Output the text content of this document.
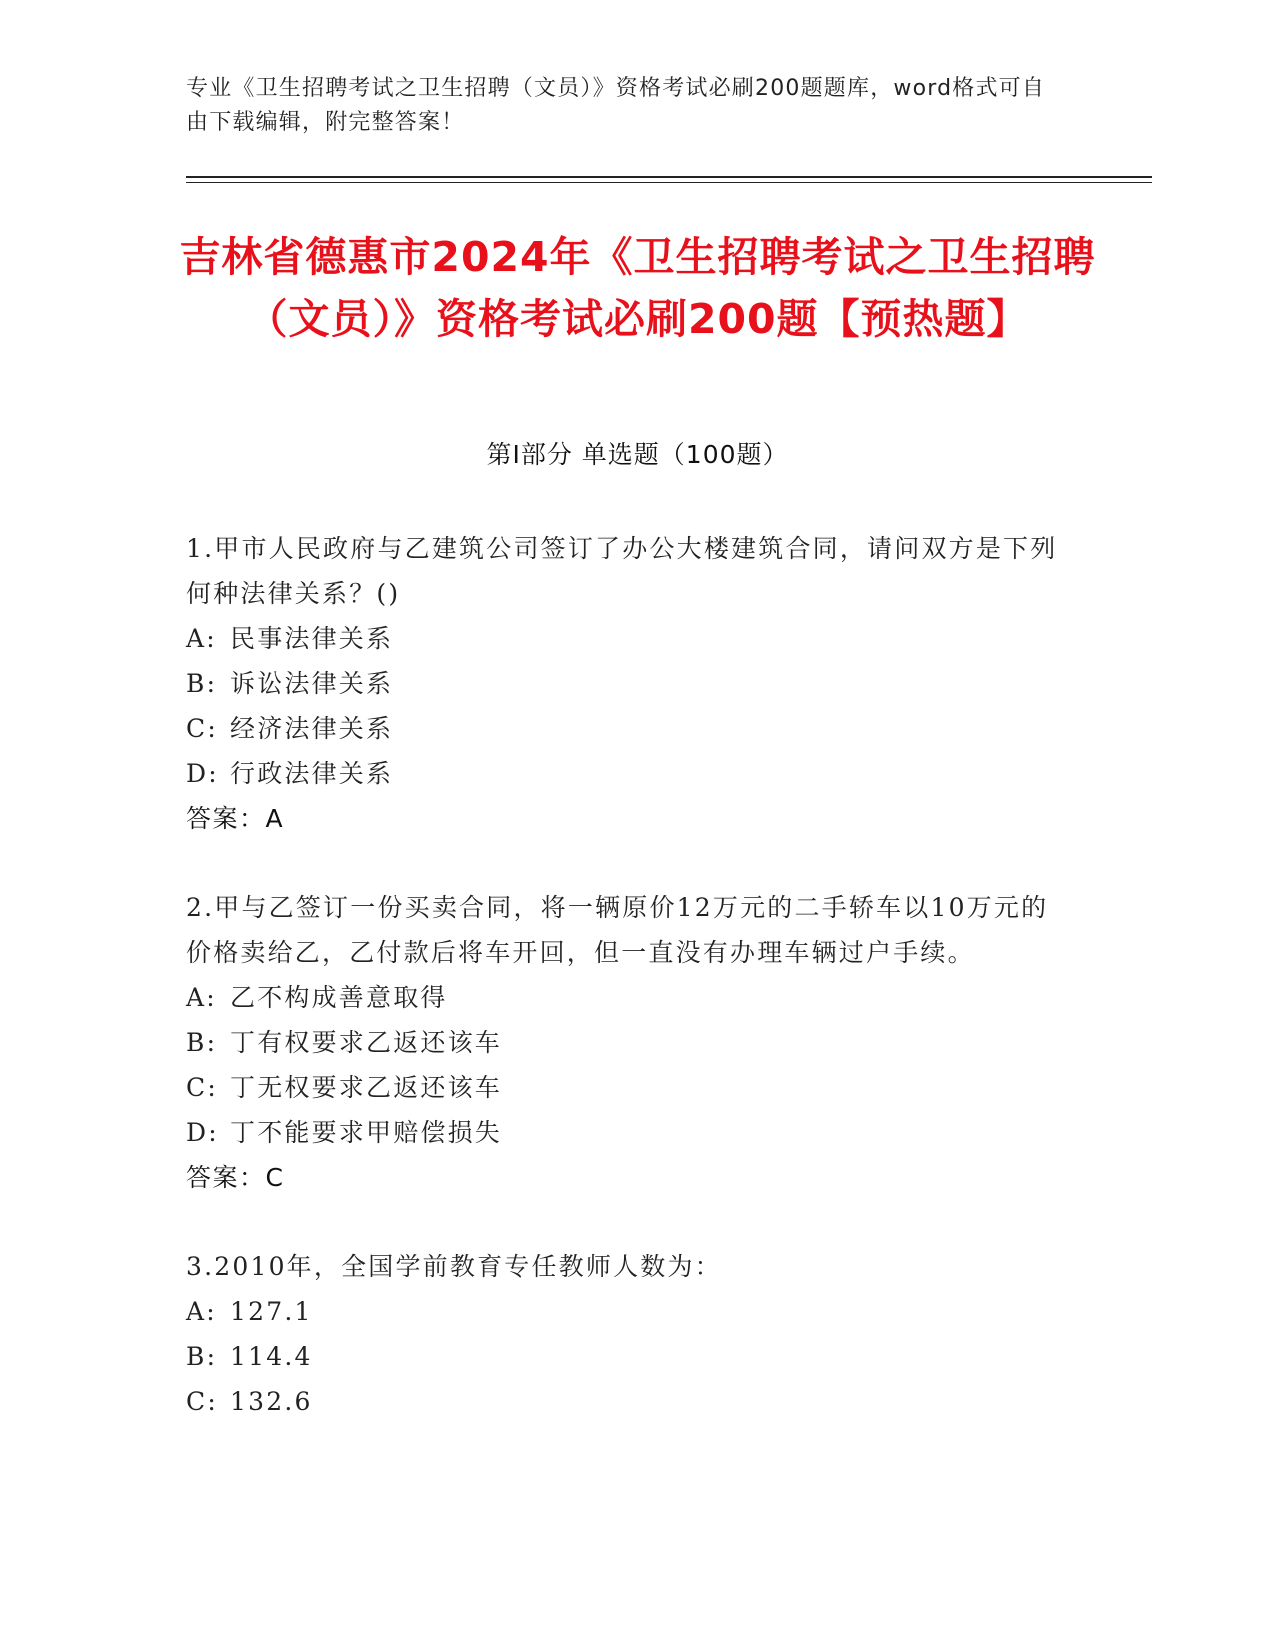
专业《卫生招聘考试之卫生招聘（文员）》资格考试必刷200题题库，word格式可自由下载编辑，附完整答案！
吉林省德惠市2024年《卫生招聘考试之卫生招聘（文员）》资格考试必刷200题【预热题】
第I部分 单选题（100题）
1.甲市人民政府与乙建筑公司签订了办公大楼建筑合同，请问双方是下列何种法律关系？()
A: 民事法律关系
B: 诉讼法律关系
C: 经济法律关系
D: 行政法律关系
答案：A
2.甲与乙签订一份买卖合同，将一辆原价12万元的二手轿车以10万元的价格卖给乙，乙付款后将车开回，但一直没有办理车辆过户手续。
A: 乙不构成善意取得
B: 丁有权要求乙返还该车
C: 丁无权要求乙返还该车
D: 丁不能要求甲赔偿损失
答案：C
3.2010年，全国学前教育专任教师人数为：
A: 127.1
B: 114.4
C: 132.6
